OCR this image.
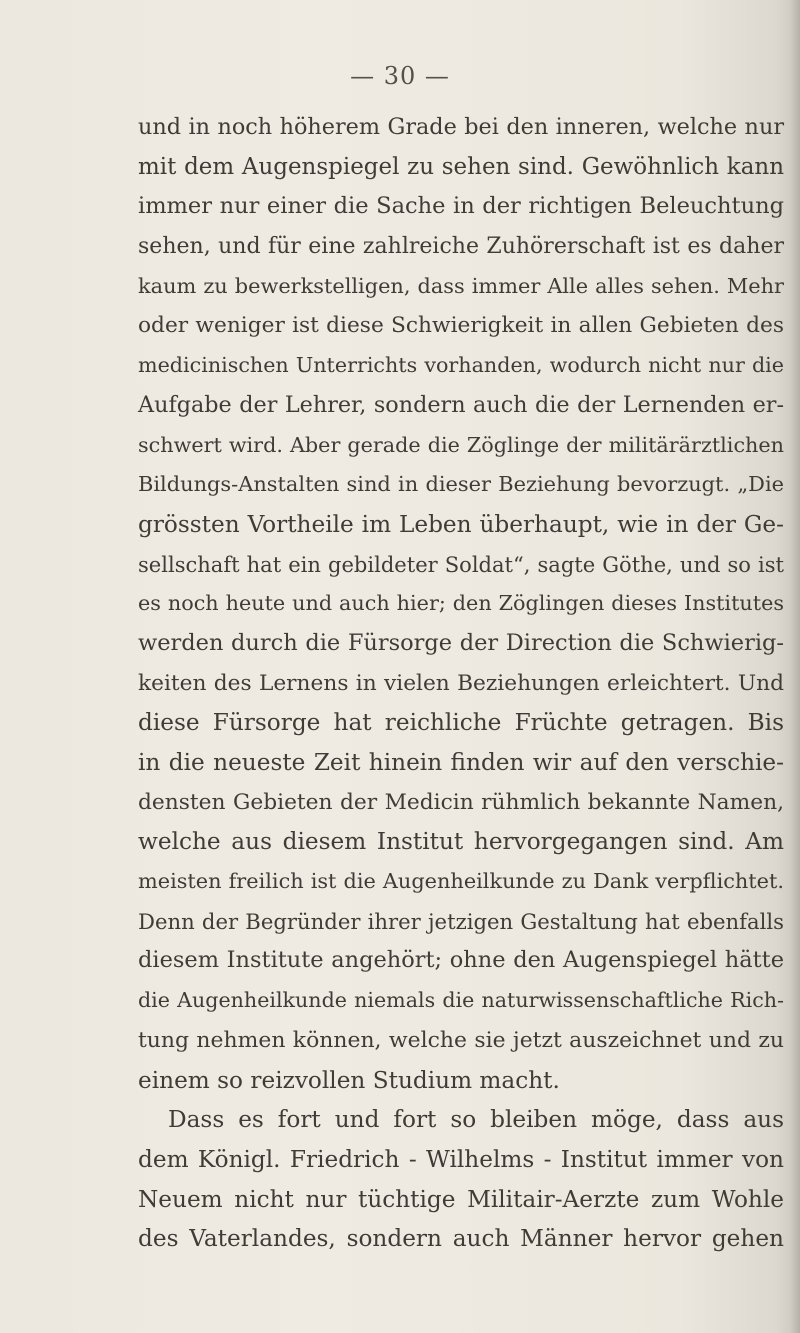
— 30 —
und in noch höherem Grade bei den inneren, welche nur
mit dem Augenspiegel zu sehen sind. Gewöhnlich kann
immer nur einer die Sache in der richtigen Beleuchtung
sehen, und für eine zahlreiche Zuhörerschaft ist es daher
kaum zu bewerkstelligen, dass immer Alle alles sehen. Mehr
oder weniger ist diese Schwierigkeit in allen Gebieten des
medicinischen Unterrichts vorhanden, wodurch nicht nur die
Aufgabe der Lehrer, sondern auch die der Lernenden er-
schwert wird. Aber gerade die Zöglinge der militärärztlichen
Bildungs-Anstalten sind in dieser Beziehung bevorzugt. „Die
grössten Vortheile im Leben überhaupt, wie in der Ge-
sellschaft hat ein gebildeter Soldat“, sagte Göthe, und so ist
es noch heute und auch hier; den Zöglingen dieses Institutes
werden durch die Fürsorge der Direction die Schwierig-
keiten des Lernens in vielen Beziehungen erleichtert. Und
diese Fürsorge hat reichliche Früchte getragen. Bis
in die neueste Zeit hinein finden wir auf den verschie-
densten Gebieten der Medicin rühmlich bekannte Namen,
welche aus diesem Institut hervorgegangen sind. Am
meisten freilich ist die Augenheilkunde zu Dank verpflichtet.
Denn der Begründer ihrer jetzigen Gestaltung hat ebenfalls
diesem Institute angehört; ohne den Augenspiegel hätte
die Augenheilkunde niemals die naturwissenschaftliche Rich-
tung nehmen können, welche sie jetzt auszeichnet und zu
einem so reizvollen Studium macht.
Dass es fort und fort so bleiben möge, dass aus
dem Königl. Friedrich - Wilhelms - Institut immer von
Neuem nicht nur tüchtige Militair-Aerzte zum Wohle
des Vaterlandes, sondern auch Männer hervor gehen
